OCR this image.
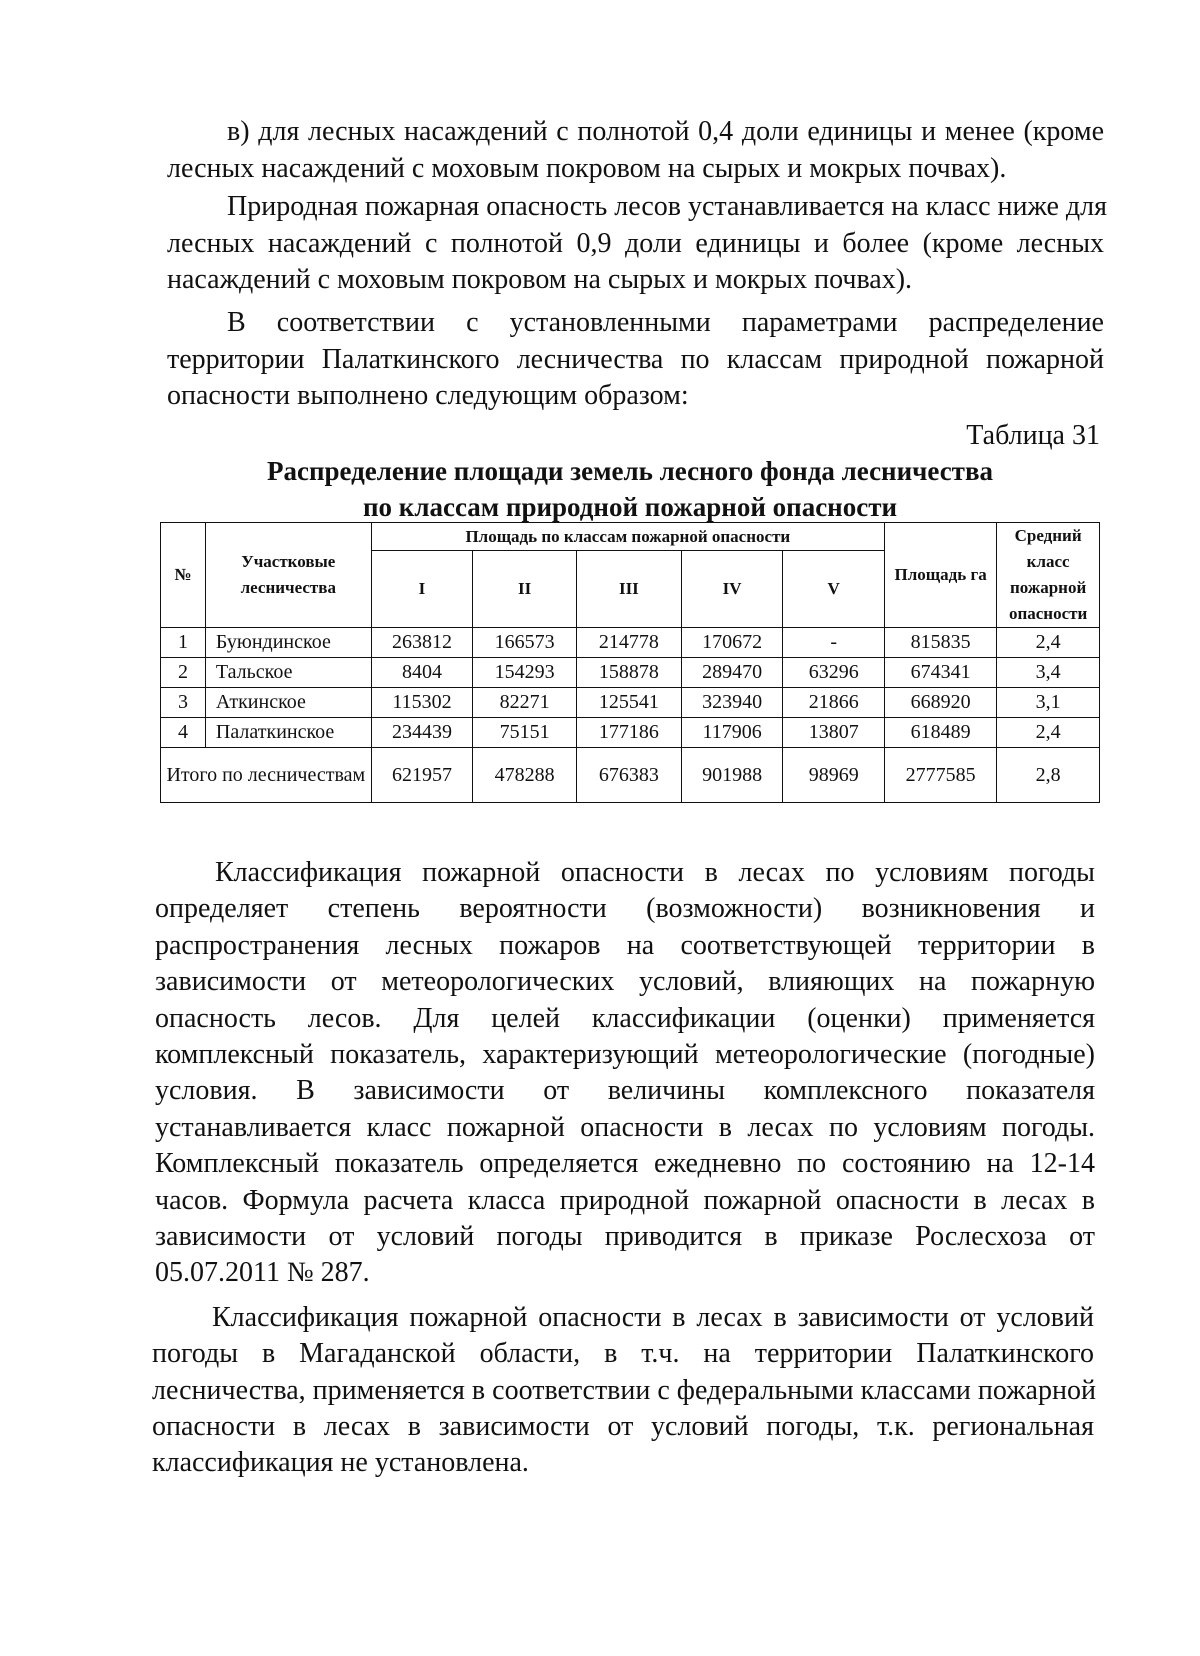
в) для лесных насаждений с полнотой 0,4 доли единицы и менее (кроме
лесных насаждений с моховым покровом на сырых и мокрых почвах).
Природная пожарная опасность лесов устанавливается на класс ниже для
лесных насаждений с полнотой 0,9 доли единицы и более (кроме лесных
насаждений с моховым покровом на сырых и мокрых почвах).
В соответствии с установленными параметрами распределение
территории Палаткинского лесничества по классам природной пожарной
опасности выполнено следующим образом:
Таблица 31
Распределение площади земель лесного фонда лесничества
по классам природной пожарной опасности
№	Участковые лесничества	Площадь по классам пожарной опасности					Площадь га	Средний класс пожарной опасности
		I	II	III	IV	V		
1	Буюндинское	263812	166573	214778	170672	-	815835	2,4
2	Тальское	8404	154293	158878	289470	63296	674341	3,4
3	Аткинское	115302	82271	125541	323940	21866	668920	3,1
4	Палаткинское	234439	75151	177186	117906	13807	618489	2,4
Итого по лесничествам		621957	478288	676383	901988	98969	2777585	2,8
Классификация пожарной опасности в лесах по условиям погоды
определяет степень вероятности (возможности) возникновения и
распространения лесных пожаров на соответствующей территории в
зависимости от метеорологических условий, влияющих на пожарную
опасность лесов. Для целей классификации (оценки) применяется
комплексный показатель, характеризующий метеорологические (погодные)
условия. В зависимости от величины комплексного показателя
устанавливается класс пожарной опасности в лесах по условиям погоды.
Комплексный показатель определяется ежедневно по состоянию на 12-14
часов. Формула расчета класса природной пожарной опасности в лесах в
зависимости от условий погоды приводится в приказе Рослесхоза от
05.07.2011 № 287.
Классификация пожарной опасности в лесах в зависимости от условий
погоды в Магаданской области, в т.ч. на территории Палаткинского
лесничества, применяется в соответствии с федеральными классами пожарной
опасности в лесах в зависимости от условий погоды, т.к. региональная
классификация не установлена.
